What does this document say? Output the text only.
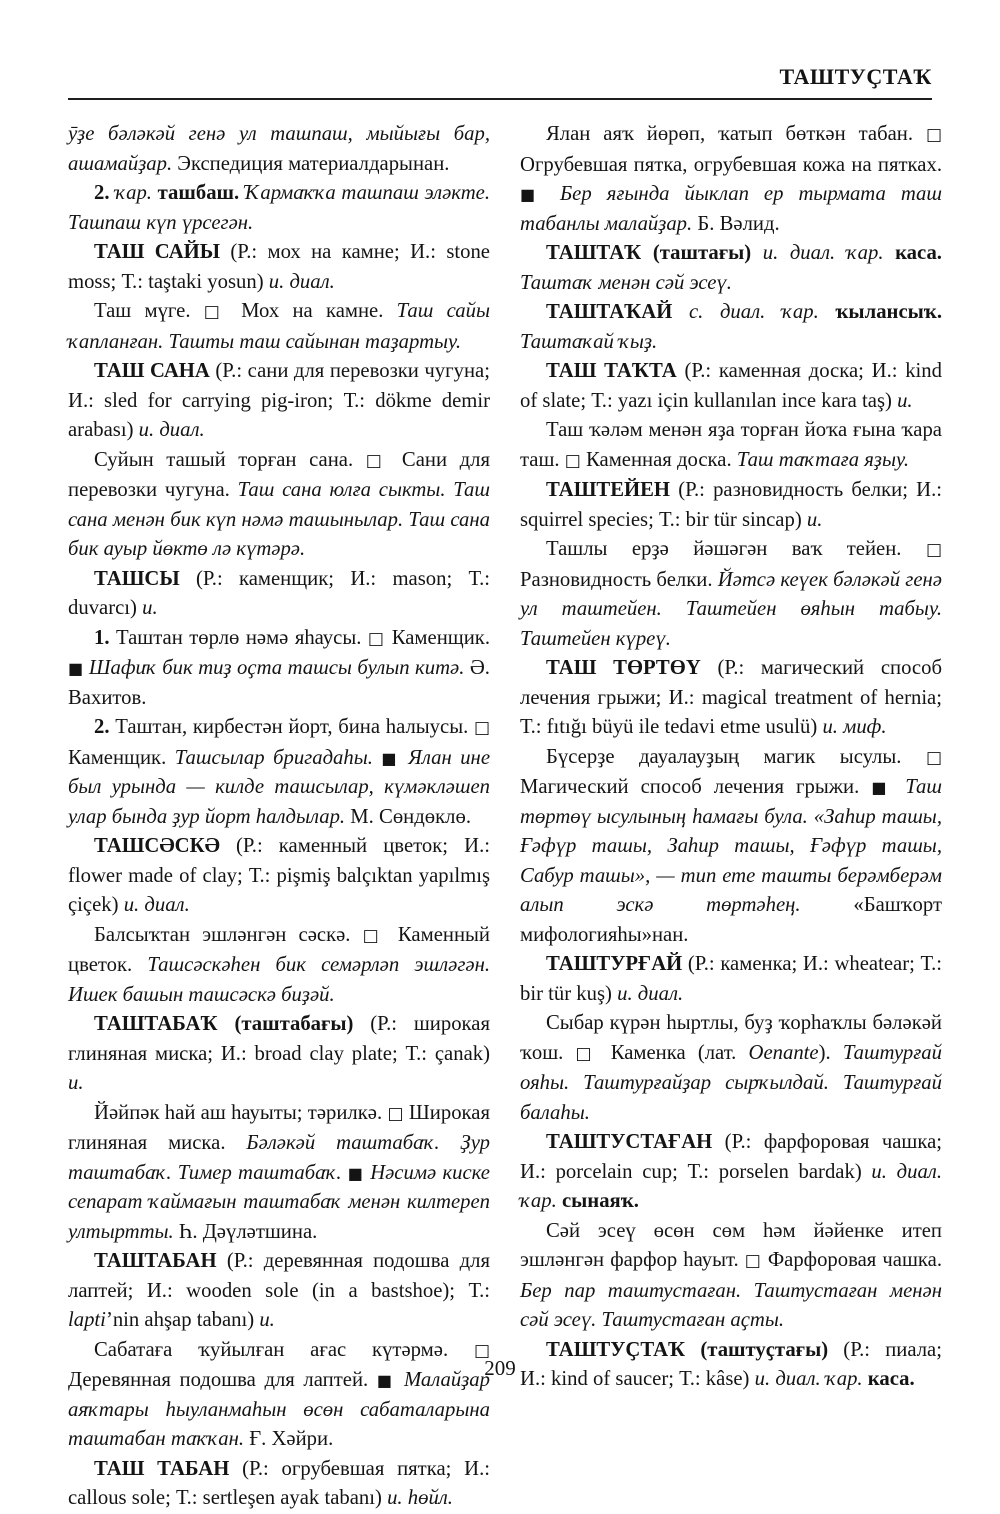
ТАШТУҪТАҠ

ӯҙе бәләкәй генә ул ташпаш, мыйығы бар, ашамайҙар. Экспедиция материалдарынан.

2. ҡар. ташбаш. Ҡармаҡҡа ташпаш эләкте. Ташпаш күп үрсегән.

ТАШ САЙЫ (Р.: мох на камне; И.: stone moss; Т.: taştaki yosun) и. диал.

Таш мүге. □ Мох на камне. Таш сайы ҡапланған. Ташты таш сайынан таҙартыу.

ТАШ САНА (Р.: сани для перевозки чугуна; И.: sled for carrying pig-iron; Т.: dökme demir arabası) и. диал.

Суйын ташый торған сана. □ Сани для перевозки чугуна. Таш сана юлға сыкты. Таш сана менән бик күп нәмә ташынылар. Таш сана бик ауыр йөктө лә күтәрә.

ТАШСЫ (Р.: каменщик; И.: mason; Т.: duvarcı) и.

1. Таштан төрлө нәмә яһаусы. □ Каменщик. ■ Шафиҡ бик тиҙ оҫта ташсы булып китә. Ә. Вахитов.

2. Таштан, кирбестән йорт, бина һалыусы. □ Каменщик. Ташсылар бригадаһы. ■ Ялан ине был урында — килде ташсылар, күмәкләшеп улар бында ҙур йорт һалдылар. М. Сөндөклө.

ТАШСӘСКӘ (Р.: каменный цветок; И.: flower made of clay; Т.: pişmiş balçıktan yapılmış çiçek) и. диал.

Балсыҡтан эшләнгән сәскә. □ Каменный цветок. Ташсәскәһен бик семәрләп эшләгән. Ишек башын ташсәскә биҙәй.

ТАШТАБАҠ (таштабағы) (Р.: широкая глиняная миска; И.: broad clay plate; Т.: çanak) и.

Йәйпәк һай аш һауыты; тәрилкә. □ Широкая глиняная миска. Бәләкәй таштабаҡ. Ҙур таштабаҡ. Тимер таштабаҡ. ■ Нәсимә киске сепарат ҡаймағын таштабаҡ менән килтереп ултыртты. Һ. Дәүләтшина.

ТАШТАБАН (Р.: деревянная подошва для лаптей; И.: wooden sole (in a bastshoe); Т.: lapti’nin ahşap tabanı) и.

Сабатаға ҡуйылған ағас күтәрмә. □ Деревянная подошва для лаптей. ■ Малайҙар аяҡтары һыуланмаһын өсөн сабаталарына таштабан таҡҡан. Ғ. Хәйри.

ТАШ ТАБАН (Р.: огрубевшая пятка; И.: callous sole; Т.: sertleşen ayak tabanı) и. һөйл.

Ялан аяҡ йөрөп, ҡатып бөткән табан. □ Огрубевшая пятка, огрубевшая кожа на пятках. ■ Бер яғында йыклап ер тырмата таш табанлы малайҙар. Б. Вәлид.

ТАШТАҠ (таштағы) и. диал. ҡар. каса. Таштаҡ менән сәй эсеү.

ТАШТАҠАЙ с. диал. ҡар. ҡылансыҡ. Таштаҡай ҡыҙ.

ТАШ ТАҠТА (Р.: каменная доска; И.: kind of slate; Т.: yazı için kullanılan ince kara taş) и.

Таш ҡәләм менән яҙа торған йоҡа ғына ҡара таш. □ Каменная доска. Таш таҡтаға яҙыу.

ТАШТЕЙЕН (Р.: разновидность белки; И.: squirrel species; Т.: bir tür sincap) и.

Ташлы ерҙә йәшәгән ваҡ тейен. □ Разновидность белки. Йәтсә кеүек бәләкәй генә ул таштейен. Таштейен өяһын табыу. Таштейен күреү.

ТАШ ТӨРТӨҮ (Р.: магический способ лечения грыжи; И.: magical treatment of hernia; Т.: fıtığı büyü ile tedavi etme usulü) и. миф.

Бүсерҙе дауалауҙың магик ысулы. □ Магический способ лечения грыжи. ■ Таш төртөү ысулының һамағы була. «Заһир ташы, Ғәфүр ташы, Заһир ташы, Ғәфүр ташы, Сабур ташы», — тип ете ташты берәмберәм алып эскә төртәһең. «Башҡорт мифологияһы»нан.

ТАШТУРҒАЙ (Р.: каменка; И.: wheatear; Т.: bir tür kuş) и. диал.

Сыбар күрән һыртлы, буҙ ҡорһаҡлы бәләкәй ҡош. □ Каменка (лат. Oenante). Таштурғай ояһы. Таштурғайҙар сырҡылдай. Таштурғай балаһы.

ТАШТУСТАҒАН (Р.: фарфоровая чашка; И.: porcelain cup; Т.: porselen bardak) и. диал. ҡар. сынаяҡ.

Сәй эсеү өсөн сөм һәм йәйенке итеп эшләнгән фарфор һауыт. □ Фарфоровая чашка. Бер пар таштустаған. Таштустаған менән сәй эсеү. Таштустаған аҫты.

ТАШТУҪТАҠ (таштуҫтағы) (Р.: пиала; И.: kind of saucer; Т.: kâse) и. диал. ҡар. каса.

209
